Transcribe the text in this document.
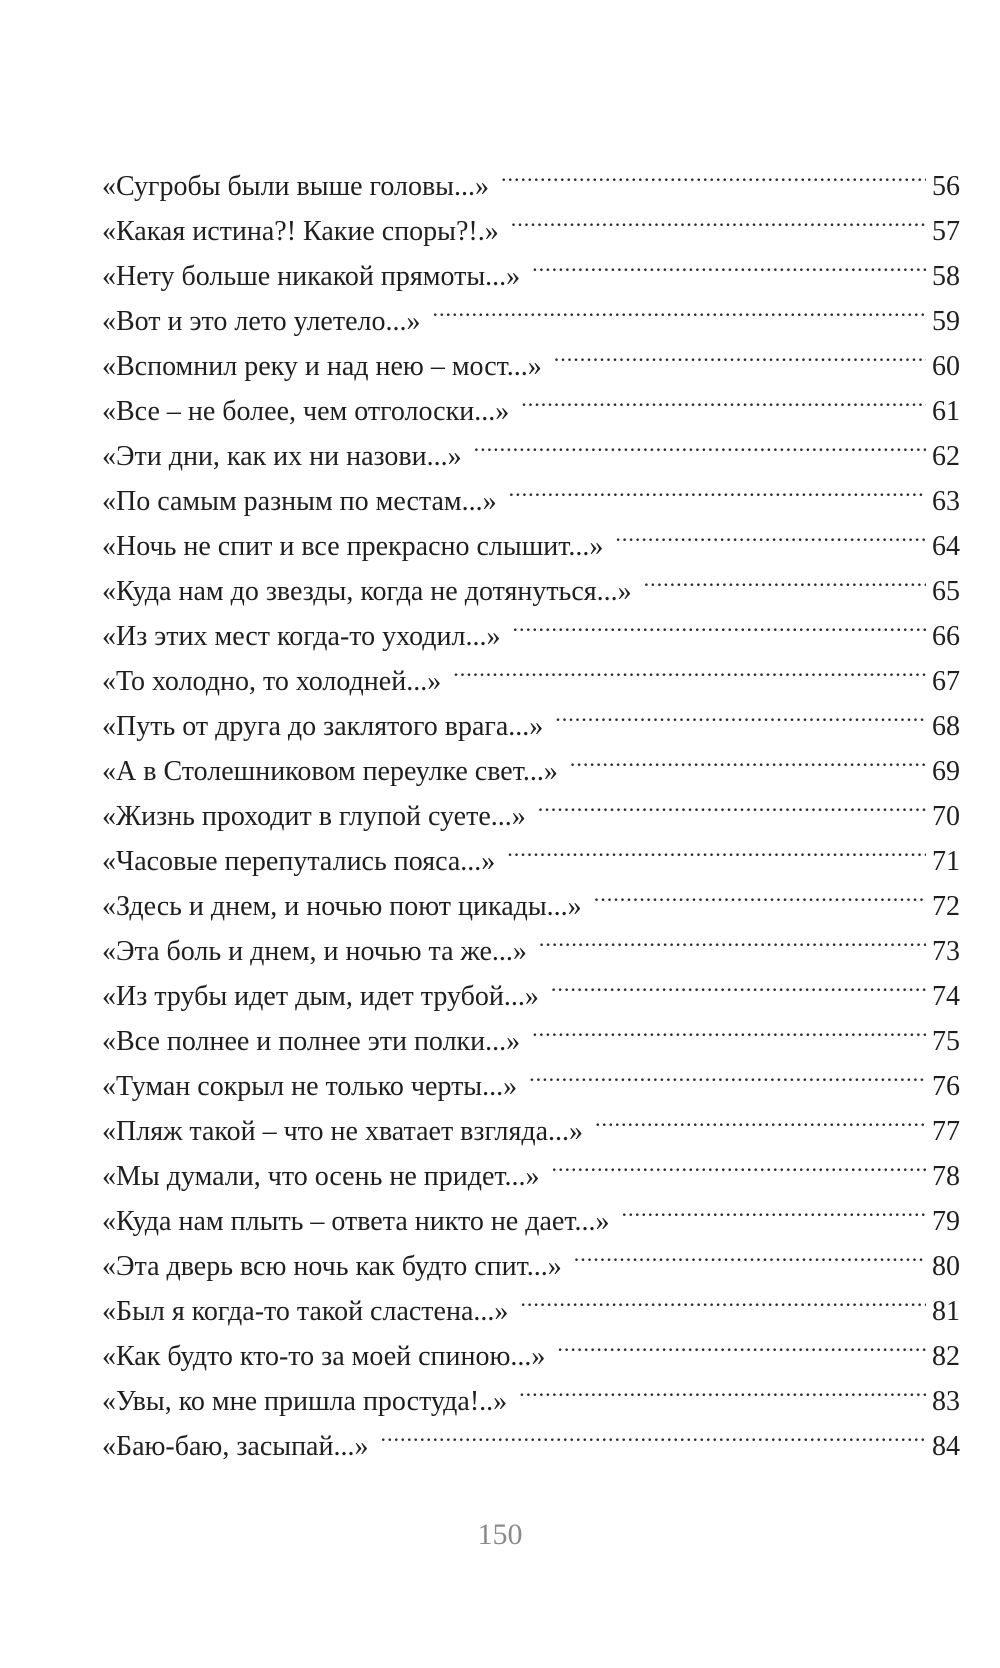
«Сугробы были выше головы...» .....	56
«Какая истина?! Какие споры?!.» .....	57
«Нету больше никакой прямоты...» .....	58
«Вот и это лето улетело...» .....	59
«Вспомнил реку и над нею – мост...» .....	60
«Все – не более, чем отголоски...» .....	61
«Эти дни, как их ни назови...» .....	62
«По самым разным по местам...» .....	63
«Ночь не спит и все прекрасно слышит...» .....	64
«Куда нам до звезды, когда не дотянуться...» .....	65
«Из этих мест когда-то уходил...» .....	66
«То холодно, то холодней...» .....	67
«Путь от друга до заклятого врага...» .....	68
«А в Столешниковом переулке свет...» .....	69
«Жизнь проходит в глупой суете...» .....	70
«Часовые перепутались пояса...» .....	71
«Здесь и днем, и ночью поют цикады...» .....	72
«Эта боль и днем, и ночью та же...» .....	73
«Из трубы идет дым, идет трубой...» .....	74
«Все полнее и полнее эти полки...» .....	75
«Туман сокрыл не только черты...» .....	76
«Пляж такой – что не хватает взгляда...» .....	77
«Мы думали, что осень не придет...» .....	78
«Куда нам плыть – ответа никто не дает...» .....	79
«Эта дверь всю ночь как будто спит...» .....	80
«Был я когда-то такой сластена...» .....	81
«Как будто кто-то за моей спиною...» .....	82
«Увы, ко мне пришла простуда!..» .....	83
«Баю-баю, засыпай...» .....	84
150
